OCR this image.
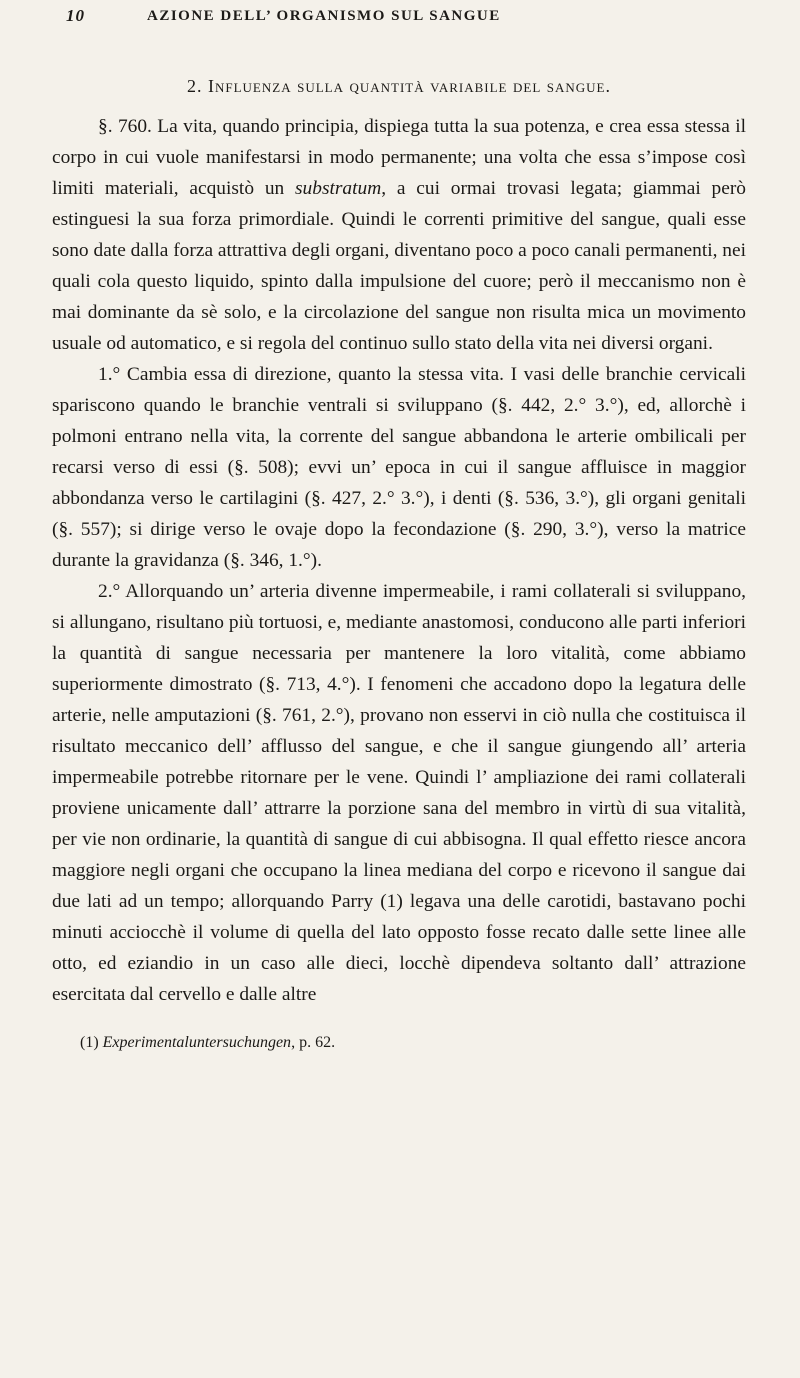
10	AZIONE DELL’ ORGANISMO SUL SANGUE
2. Influenza sulla quantità variabile del sangue.

§. 760. La vita, quando principia, dispiega tutta la sua potenza, e crea essa stessa il corpo in cui vuole manifestarsi in modo permanente; una volta che essa s’impose così limiti materiali, acquistò un substratum, a cui ormai trovasi legata; giammai però estinguesi la sua forza primordiale. Quindi le correnti primitive del sangue, quali esse sono date dalla forza attrattiva degli organi, diventano poco a poco canali permanenti, nei quali cola questo liquido, spinto dalla impulsione del cuore; però il meccanismo non è mai dominante da sè solo, e la circolazione del sangue non risulta mica un movimento usuale od automatico, e si regola del continuo sullo stato della vita nei diversi organi.

1.° Cambia essa di direzione, quanto la stessa vita. I vasi delle branchie cervicali spariscono quando le branchie ventrali si sviluppano (§. 442, 2.° 3.°), ed, allorchè i polmoni entrano nella vita, la corrente del sangue abbandona le arterie ombilicali per recarsi verso di essi (§. 508); evvi un’ epoca in cui il sangue affluisce in maggior abbondanza verso le cartilagini (§. 427, 2.° 3.°), i denti (§. 536, 3.°), gli organi genitali (§. 557); si dirige verso le ovaje dopo la fecondazione (§. 290, 3.°), verso la matrice durante la gravidanza (§. 346, 1.°).

2.° Allorquando un’ arteria divenne impermeabile, i rami collaterali si sviluppano, si allungano, risultano più tortuosi, e, mediante anastomosi, conducono alle parti inferiori la quantità di sangue necessaria per mantenere la loro vitalità, come abbiamo superiormente dimostrato (§. 713, 4.°). I fenomeni che accadono dopo la legatura delle arterie, nelle amputazioni (§. 761, 2.°), provano non esservi in ciò nulla che costituisca il risultato meccanico dell’ afflusso del sangue, e che il sangue giungendo all’ arteria impermeabile potrebbe ritornare per le vene. Quindi l’ ampliazione dei rami collaterali proviene unicamente dall’ attrarre la porzione sana del membro in virtù di sua vitalità, per vie non ordinarie, la quantità di sangue di cui abbisogna. Il qual effetto riesce ancora maggiore negli organi che occupano la linea mediana del corpo e ricevono il sangue dai due lati ad un tempo; allorquando Parry (1) legava una delle carotidi, bastavano pochi minuti acciocchè il volume di quella del lato opposto fosse recato dalle sette linee alle otto, ed eziandio in un caso alle dieci, locchè dipendeva soltanto dall’ attrazione esercitata dal cervello e dalle altre

(1) Experimentaluntersuchungen, p. 62.
